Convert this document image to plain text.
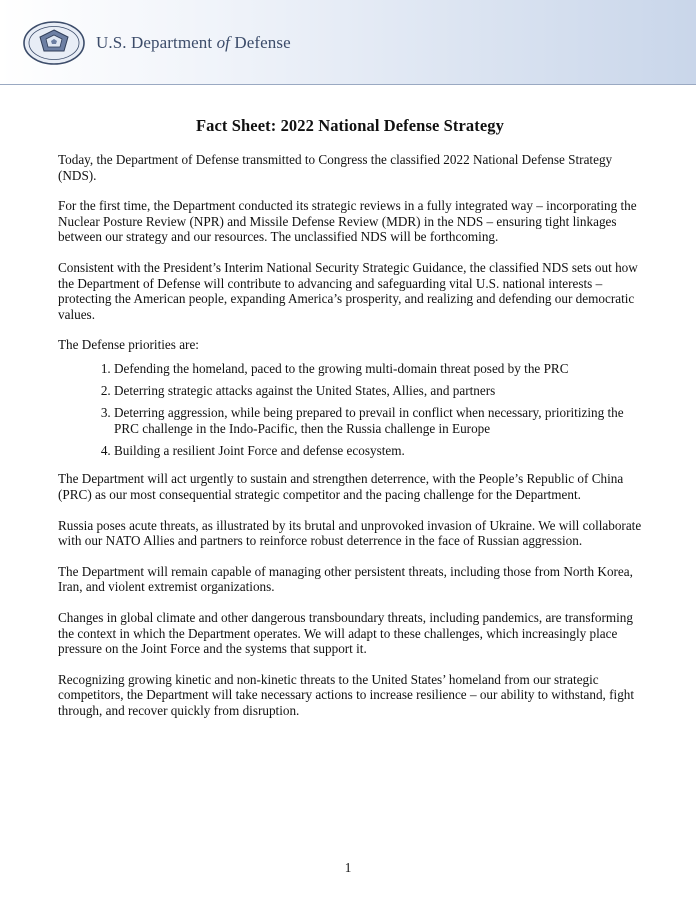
U.S. Department of Defense
Fact Sheet: 2022 National Defense Strategy

Today, the Department of Defense transmitted to Congress the classified 2022 National Defense Strategy (NDS).

For the first time, the Department conducted its strategic reviews in a fully integrated way – incorporating the Nuclear Posture Review (NPR) and Missile Defense Review (MDR) in the NDS – ensuring tight linkages between our strategy and our resources. The unclassified NDS will be forthcoming.

Consistent with the President’s Interim National Security Strategic Guidance, the classified NDS sets out how the Department of Defense will contribute to advancing and safeguarding vital U.S. national interests – protecting the American people, expanding America’s prosperity, and realizing and defending our democratic values.

The Defense priorities are:

1. Defending the homeland, paced to the growing multi-domain threat posed by the PRC
2. Deterring strategic attacks against the United States, Allies, and partners
3. Deterring aggression, while being prepared to prevail in conflict when necessary, prioritizing the PRC challenge in the Indo-Pacific, then the Russia challenge in Europe
4. Building a resilient Joint Force and defense ecosystem.

The Department will act urgently to sustain and strengthen deterrence, with the People’s Republic of China (PRC) as our most consequential strategic competitor and the pacing challenge for the Department.

Russia poses acute threats, as illustrated by its brutal and unprovoked invasion of Ukraine. We will collaborate with our NATO Allies and partners to reinforce robust deterrence in the face of Russian aggression.

The Department will remain capable of managing other persistent threats, including those from North Korea, Iran, and violent extremist organizations.

Changes in global climate and other dangerous transboundary threats, including pandemics, are transforming the context in which the Department operates. We will adapt to these challenges, which increasingly place pressure on the Joint Force and the systems that support it.

Recognizing growing kinetic and non-kinetic threats to the United States’ homeland from our strategic competitors, the Department will take necessary actions to increase resilience – our ability to withstand, fight through, and recover quickly from disruption.

1
